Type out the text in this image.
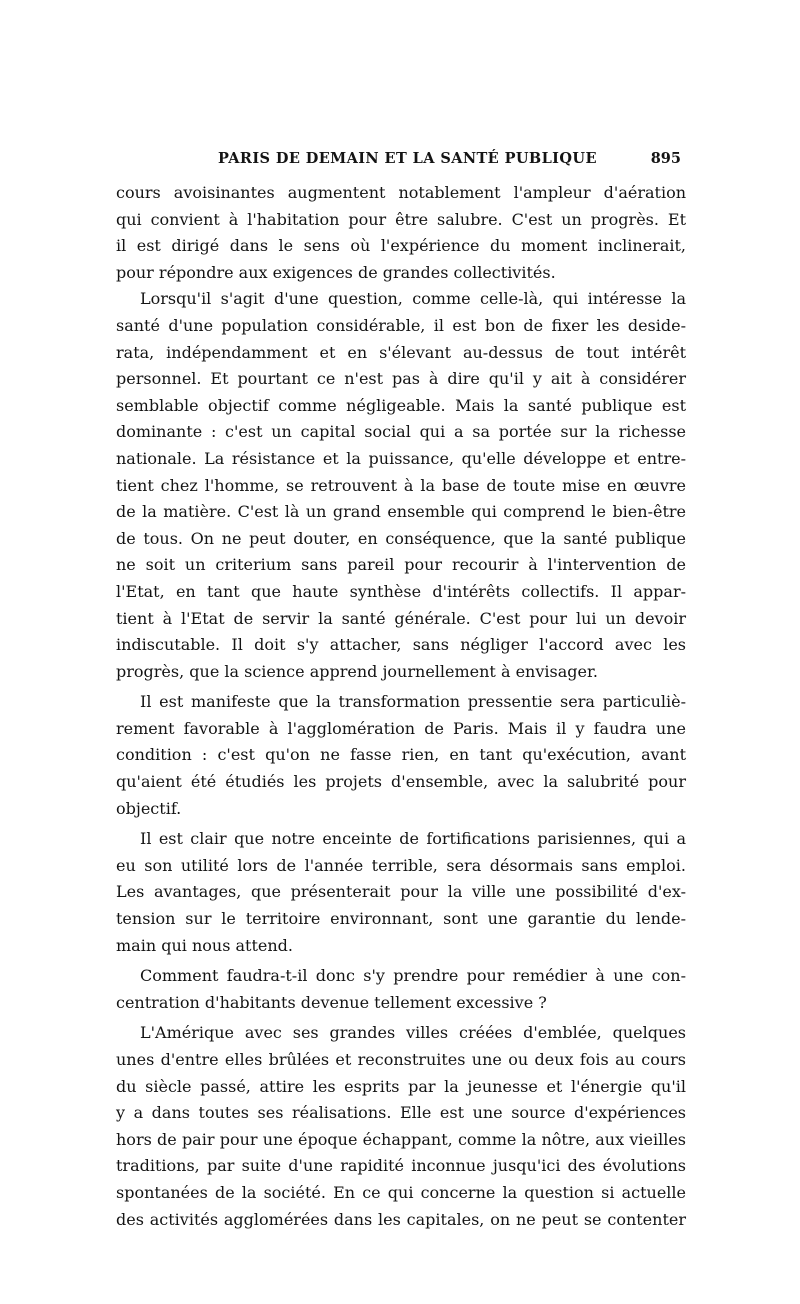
PARIS DE DEMAIN ET LA SANTÉ PUBLIQUE	895
cours avoisinantes augmentent notablement l'ampleur d'aération
qui convient à l'habitation pour être salubre. C'est un progrès. Et
il est dirigé dans le sens où l'expérience du moment inclinerait,
pour répondre aux exigences de grandes collectivités.
Lorsqu'il s'agit d'une question, comme celle-là, qui intéresse la
santé d'une population considérable, il est bon de fixer les deside-
rata, indépendamment et en s'élevant au-dessus de tout intérêt
personnel. Et pourtant ce n'est pas à dire qu'il y ait à considérer
semblable objectif comme négligeable. Mais la santé publique est
dominante : c'est un capital social qui a sa portée sur la richesse
nationale. La résistance et la puissance, qu'elle développe et entre-
tient chez l'homme, se retrouvent à la base de toute mise en œuvre
de la matière. C'est là un grand ensemble qui comprend le bien-être
de tous. On ne peut douter, en conséquence, que la santé publique
ne soit un criterium sans pareil pour recourir à l'intervention de
l'Etat, en tant que haute synthèse d'intérêts collectifs. Il appar-
tient à l'Etat de servir la santé générale. C'est pour lui un devoir
indiscutable. Il doit s'y attacher, sans négliger l'accord avec les
progrès, que la science apprend journellement à envisager.
Il est manifeste que la transformation pressentie sera particuliè-
rement favorable à l'agglomération de Paris. Mais il y faudra une
condition : c'est qu'on ne fasse rien, en tant qu'exécution, avant
qu'aient été étudiés les projets d'ensemble, avec la salubrité pour
objectif.
Il est clair que notre enceinte de fortifications parisiennes, qui a
eu son utilité lors de l'année terrible, sera désormais sans emploi.
Les avantages, que présenterait pour la ville une possibilité d'ex-
tension sur le territoire environnant, sont une garantie du lende-
main qui nous attend.
Comment faudra-t-il donc s'y prendre pour remédier à une con-
centration d'habitants devenue tellement excessive ?
L'Amérique avec ses grandes villes créées d'emblée, quelques
unes d'entre elles brûlées et reconstruites une ou deux fois au cours
du siècle passé, attire les esprits par la jeunesse et l'énergie qu'il
y a dans toutes ses réalisations. Elle est une source d'expériences
hors de pair pour une époque échappant, comme la nôtre, aux vieilles
traditions, par suite d'une rapidité inconnue jusqu'ici des évolutions
spontanées de la société. En ce qui concerne la question si actuelle
des activités agglomérées dans les capitales, on ne peut se contenter
